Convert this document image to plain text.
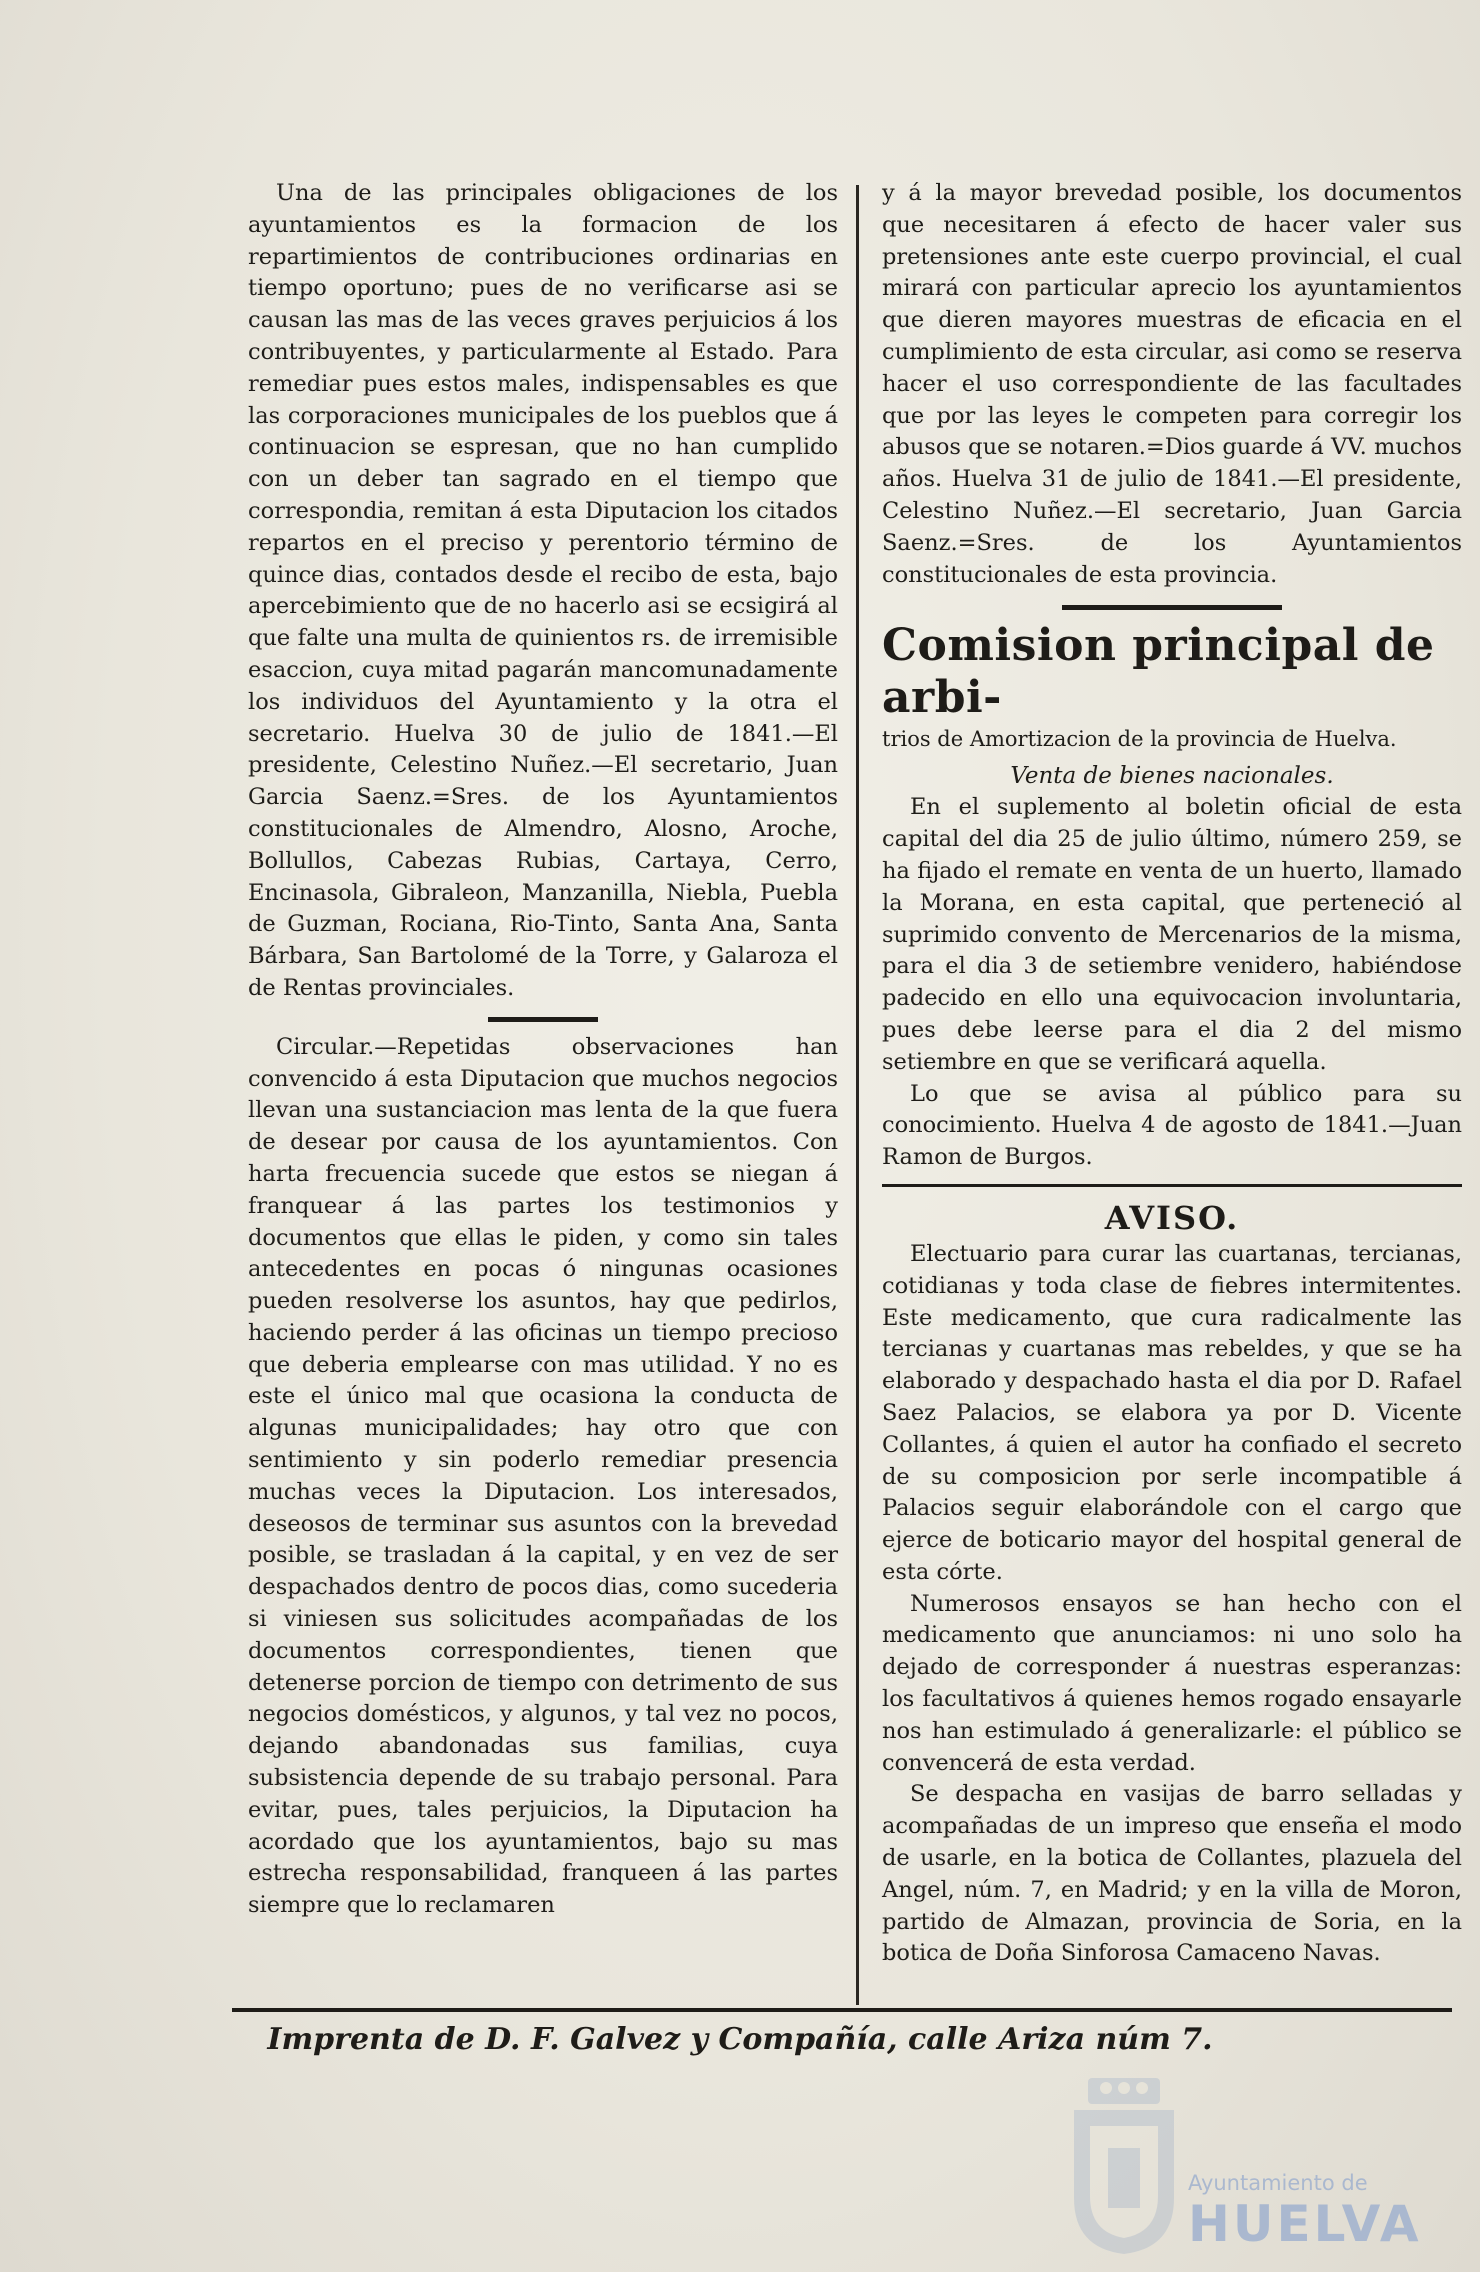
Una de las principales obligaciones de los ayuntamientos es la formacion de los repartimientos de contribuciones ordinarias en tiempo oportuno; pues de no verificarse asi se causan las mas de las veces graves perjuicios á los contribuyentes, y particularmente al Estado. Para remediar pues estos males, indispensables es que las corporaciones municipales de los pueblos que á continuacion se espresan, que no han cumplido con un deber tan sagrado en el tiempo que correspondia, remitan á esta Diputacion los citados repartos en el preciso y perentorio término de quince dias, contados desde el recibo de esta, bajo apercebimiento que de no hacerlo asi se ecsigirá al que falte una multa de quinientos rs. de irremisible esaccion, cuya mitad pagarán mancomunadamente los individuos del Ayuntamiento y la otra el secretario. Huelva 30 de julio de 1841.—El presidente, Celestino Nuñez.—El secretario, Juan Garcia Saenz.=Sres. de los Ayuntamientos constitucionales de Almendro, Alosno, Aroche, Bollullos, Cabezas Rubias, Cartaya, Cerro, Encinasola, Gibraleon, Manzanilla, Niebla, Puebla de Guzman, Rociana, Rio-Tinto, Santa Ana, Santa Bárbara, San Bartolomé de la Torre, y Galaroza el de Rentas provinciales.

Circular.—Repetidas observaciones han convencido á esta Diputacion que muchos negocios llevan una sustanciacion mas lenta de la que fuera de desear por causa de los ayuntamientos. Con harta frecuencia sucede que estos se niegan á franquear á las partes los testimonios y documentos que ellas le piden, y como sin tales antecedentes en pocas ó ningunas ocasiones pueden resolverse los asuntos, hay que pedirlos, haciendo perder á las oficinas un tiempo precioso que deberia emplearse con mas utilidad. Y no es este el único mal que ocasiona la conducta de algunas municipalidades; hay otro que con sentimiento y sin poderlo remediar presencia muchas veces la Diputacion. Los interesados, deseosos de terminar sus asuntos con la brevedad posible, se trasladan á la capital, y en vez de ser despachados dentro de pocos dias, como sucederia si viniesen sus solicitudes acompañadas de los documentos correspondientes, tienen que detenerse porcion de tiempo con detrimento de sus negocios domésticos, y algunos, y tal vez no pocos, dejando abandonadas sus familias, cuya subsistencia depende de su trabajo personal. Para evitar, pues, tales perjuicios, la Diputacion ha acordado que los ayuntamientos, bajo su mas estrecha responsabilidad, franqueen á las partes siempre que lo reclamaren

y á la mayor brevedad posible, los documentos que necesitaren á efecto de hacer valer sus pretensiones ante este cuerpo provincial, el cual mirará con particular aprecio los ayuntamientos que dieren mayores muestras de eficacia en el cumplimiento de esta circular, asi como se reserva hacer el uso correspondiente de las facultades que por las leyes le competen para corregir los abusos que se notaren.=Dios guarde á VV. muchos años. Huelva 31 de julio de 1841.—El presidente, Celestino Nuñez.—El secretario, Juan Garcia Saenz.=Sres. de los Ayuntamientos constitucionales de esta provincia.

Comision principal de arbi-
trios de Amortizacion de la provincia de Huelva.
Venta de bienes nacionales.

En el suplemento al boletin oficial de esta capital del dia 25 de julio último, número 259, se ha fijado el remate en venta de un huerto, llamado la Morana, en esta capital, que perteneció al suprimido convento de Mercenarios de la misma, para el dia 3 de setiembre venidero, habiéndose padecido en ello una equivocacion involuntaria, pues debe leerse para el dia 2 del mismo setiembre en que se verificará aquella.

Lo que se avisa al público para su conocimiento. Huelva 4 de agosto de 1841.—Juan Ramon de Burgos.

AVISO.

Electuario para curar las cuartanas, tercianas, cotidianas y toda clase de fiebres intermitentes. Este medicamento, que cura radicalmente las tercianas y cuartanas mas rebeldes, y que se ha elaborado y despachado hasta el dia por D. Rafael Saez Palacios, se elabora ya por D. Vicente Collantes, á quien el autor ha confiado el secreto de su composicion por serle incompatible á Palacios seguir elaborándole con el cargo que ejerce de boticario mayor del hospital general de esta córte.

Numerosos ensayos se han hecho con el medicamento que anunciamos: ni uno solo ha dejado de corresponder á nuestras esperanzas: los facultativos á quienes hemos rogado ensayarle nos han estimulado á generalizarle: el público se convencerá de esta verdad.

Se despacha en vasijas de barro selladas y acompañadas de un impreso que enseña el modo de usarle, en la botica de Collantes, plazuela del Angel, núm. 7, en Madrid; y en la villa de Moron, partido de Almazan, provincia de Soria, en la botica de Doña Sinforosa Camaceno Navas.

Imprenta de D. F. Galvez y Compañía, calle Ariza núm 7.
Ayuntamiento de
HUELVA
